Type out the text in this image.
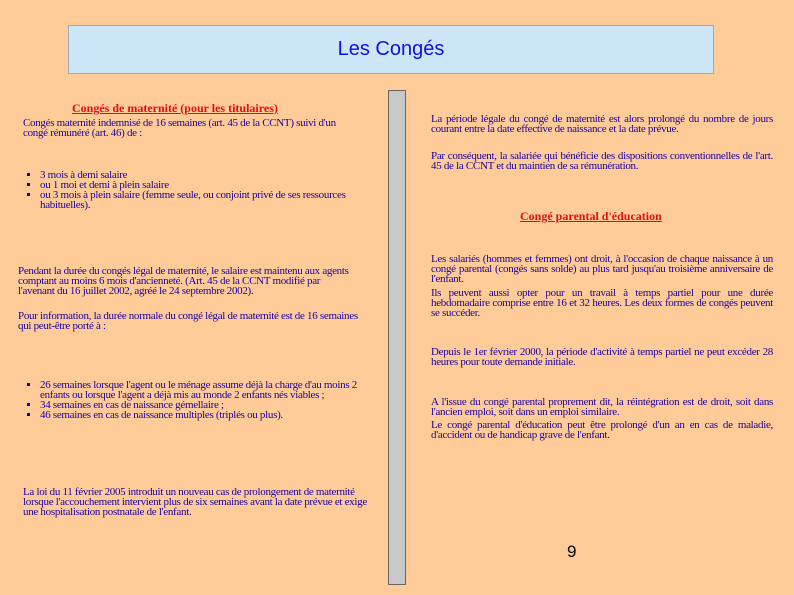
Les Congés
Congés de maternité (pour les titulaires)

Congés maternité indemnisé de 16 semaines (art. 45 de la CCNT) suivi d'un congé rémunéré (art. 46) de :

▪ 3 mois à demi salaire
▪ ou 1 moi et demi à plein salaire
▪ ou 3 mois à plein salaire (femme seule, ou conjoint privé de ses ressources habituelles).

Pendant la durée du congés légal de maternité, le salaire est maintenu aux agents comptant au moins 6 mois d'ancienneté. (Art. 45 de la CCNT modifié par l'avenant du 16 juillet 2002, agréé le 24 septembre 2002).

Pour information, la durée normale du congé légal de maternité est de 16 semaines qui peut-être porté à :

▪ 26 semaines lorsque l'agent ou le ménage assume déjà la charge d'au moins 2 enfants ou lorsque l'agent a déjà mis au monde 2 enfants nés viables ;
▪ 34 semaines en cas de naissance gémellaire ;
▪ 46 semaines en cas de naissance multiples (triplés ou plus).

La loi du 11 février 2005 introduit un nouveau cas de prolongement de maternité lorsque l'accouchement intervient plus de six semaines avant la date prévue et exige une hospitalisation postnatale de l'enfant.

La période légale du congé de maternité est alors prolongé du nombre de jours courant entre la date effective de naissance et la date prévue.

Par conséquent, la salariée qui bénéficie des dispositions conventionnelles de l'art. 45 de la CCNT et du maintien de sa rémunération.

Congé parental d'éducation

Les salariés (hommes et femmes) ont droit, à l'occasion de chaque naissance à un congé parental (congés sans solde) au plus tard jusqu'au troisième anniversaire de l'enfant.

Ils peuvent aussi opter pour un travail à temps partiel pour une durée hebdomadaire comprise entre 16 et 32 heures. Les deux formes de congés peuvent se succéder.

Depuis le 1er février 2000, la période d'activité à temps partiel ne peut excéder 28 heures pour toute demande initiale.

A l'issue du congé parental proprement dit, la réintégration est de droit, soit dans l'ancien emploi, soit dans un emploi similaire.

Le congé parental d'éducation peut être prolongé d'un an en cas de maladie, d'accident ou de handicap grave de l'enfant.

9
